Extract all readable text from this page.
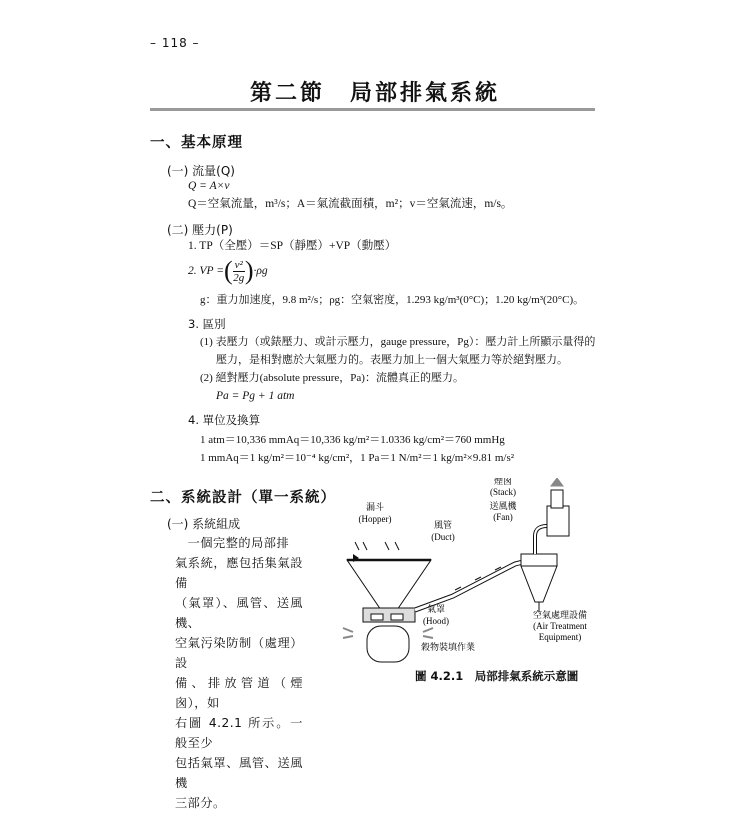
– 118 –
第二節　局部排氣系統
一、基本原理
(一) 流量(Q)
Q = A×v
Q＝空氣流量，m³/s；A＝氣流截面積，m²；v＝空氣流速，m/s。
(二) 壓力(P)
1. TP（全壓）＝SP（靜壓）+VP（動壓）
2. VP = ( $\frac{\text{v²}}{2g}$ ) ·ρg
g：重力加速度，9.8 m²/s；ρg：空氣密度，1.293 kg/m³(0°C)；1.20 kg/m³(20°C)。
3. 區別
(1) 表壓力（或錶壓力、或計示壓力，gauge pressure，Pg）：壓力計上所顯示量得的
壓力，是相對應於大氣壓力的。表壓力加上一個大氣壓力等於絕對壓力。
(2) 絕對壓力(absolute pressure，Pa)：流體真正的壓力。
Pa = Pg + 1 atm
4. 單位及換算
1 atm＝10,336 mmAq＝10,336 kg/m²＝1.0336 kg/cm²＝760 mmHg
1 mmAq＝1 kg/m²＝10⁻⁴ kg/cm²，1 Pa＝1 N/m²＝1 kg/m²×9.81 m/s²
二、系統設計（單一系統）
(一) 系統組成
　一個完整的局部排
氣系統，應包括集氣設備
（氣罩）、風管、送風機、
空氣污染防制（處理）設
備、排放管道（煙囪），如
右圖 4.2.1 所示。一般至少
包括氣罩、風管、送風機
三部分。
漏斗
(Hopper)
風管
(Duct)
煙囪
(Stack)
送風機
(Fan)
氣罩
(Hood)	空氣處理設備
(Air Treatment
Equipment)
穀物裝填作業
圖 4.2.1　局部排氣系統示意圖
